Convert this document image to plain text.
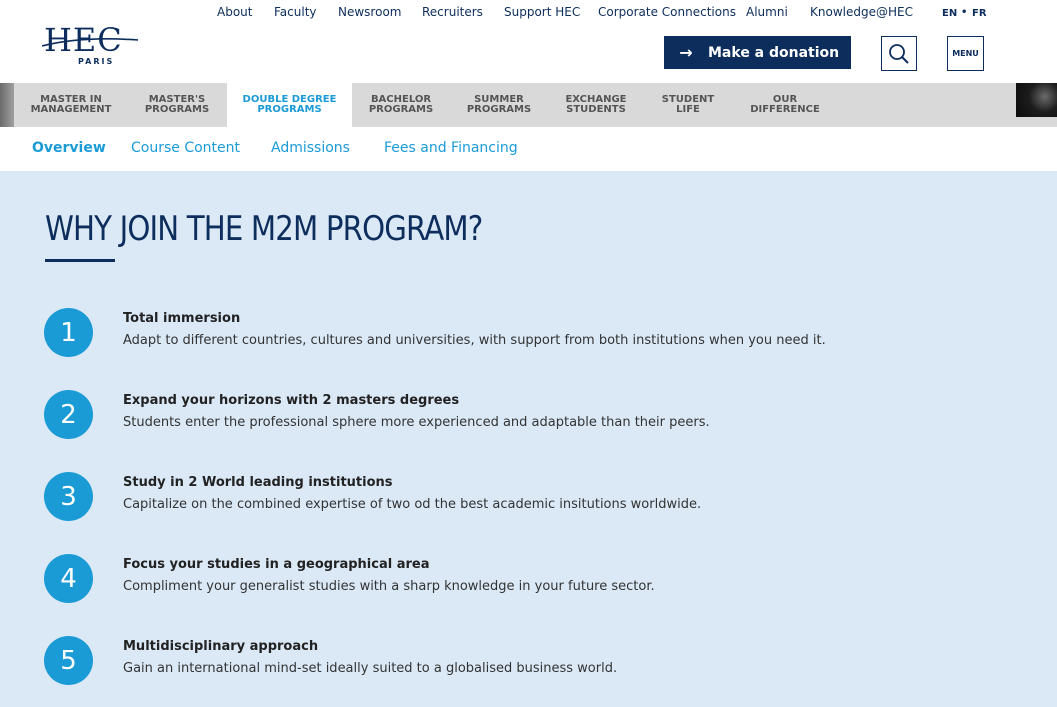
HEC
PARIS
About Faculty Newsroom Recruiters Support HEC Corporate Connections Alumni Knowledge@HEC	EN • FR
→	Make a donation	MENU
MASTER IN
MANAGEMENT
MASTER'S
PROGRAMS
DOUBLE DEGREE
PROGRAMS
BACHELOR
PROGRAMS
SUMMER
PROGRAMS
EXCHANGE
STUDENTS
STUDENT
LIFE
OUR
DIFFERENCE
Overview Course Content Admissions Fees and Financing
WHY JOIN THE M2M PROGRAM?
1	Total immersion
Adapt to different countries, cultures and universities, with support from both institutions when you need it.
2	Expand your horizons with 2 masters degrees
Students enter the professional sphere more experienced and adaptable than their peers.
3	Study in 2 World leading institutions
Capitalize on the combined expertise of two od the best academic insitutions worldwide.
4	Focus your studies in a geographical area
Compliment your generalist studies with a sharp knowledge in your future sector.
5	Multidisciplinary approach
Gain an international mind-set ideally suited to a globalised business world.
